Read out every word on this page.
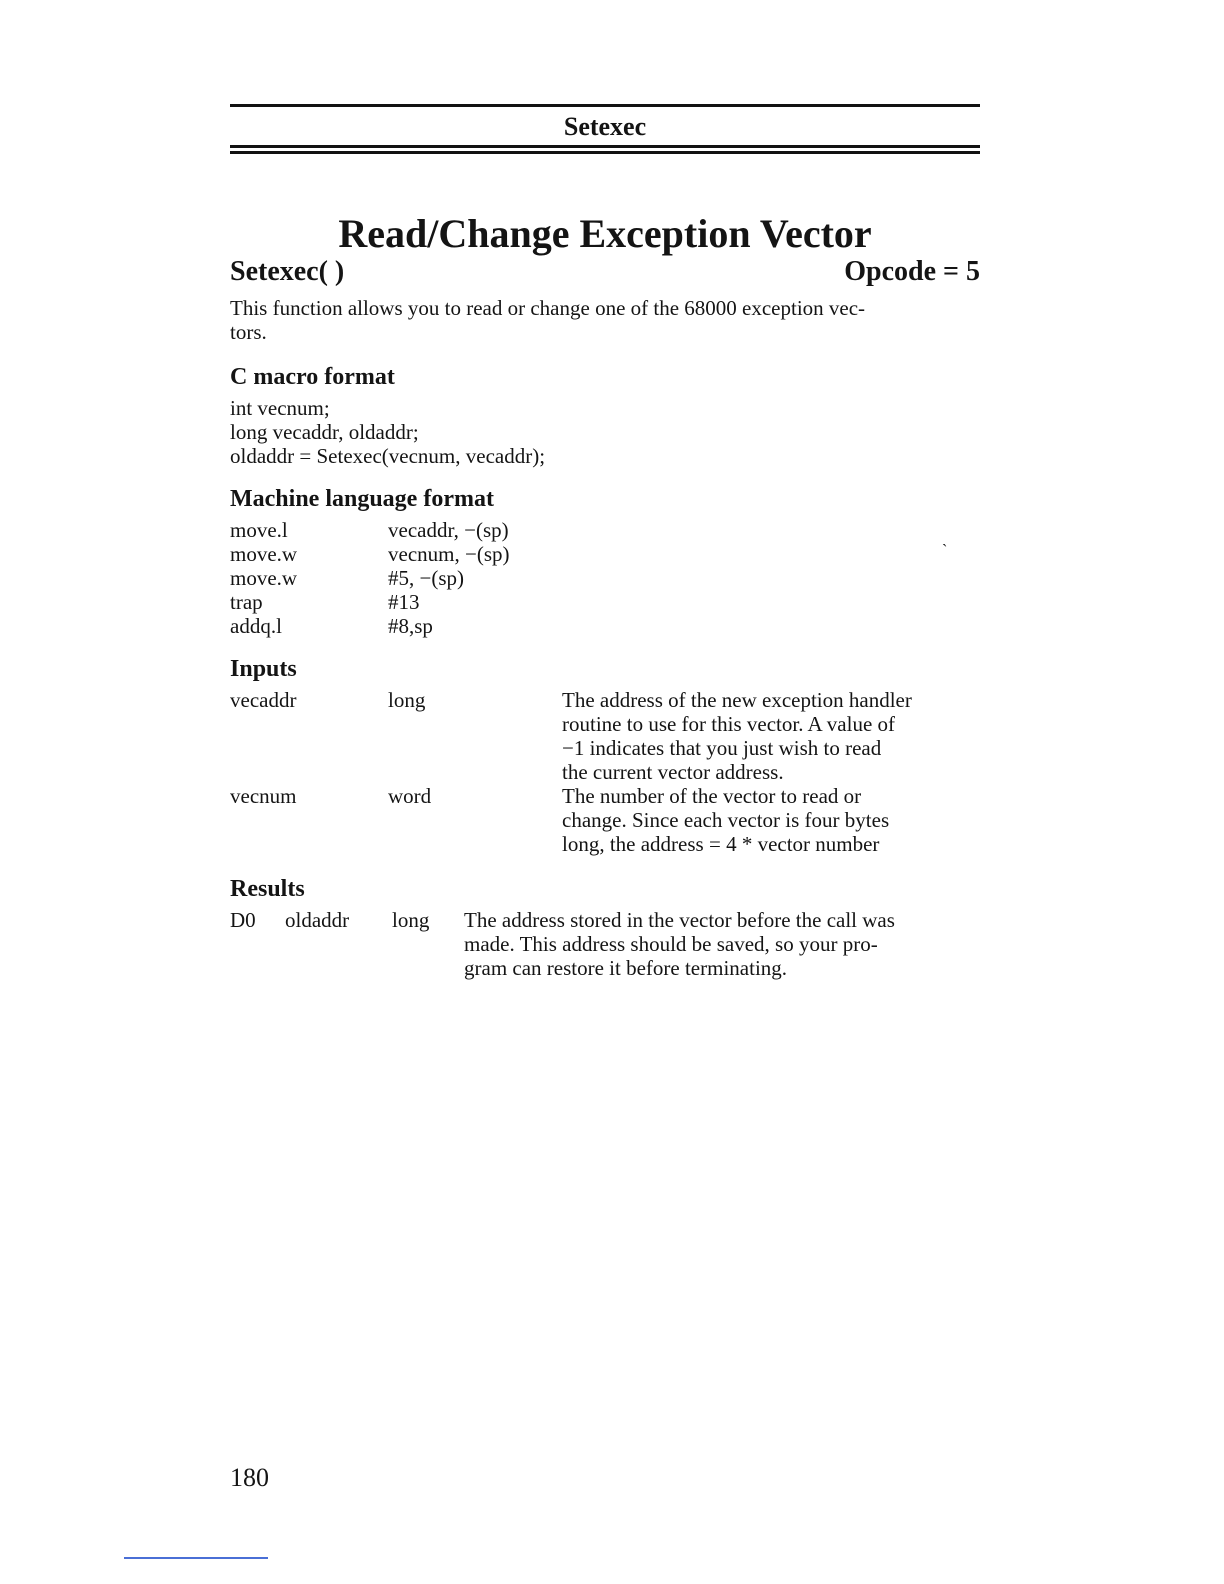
Setexec
Read/Change Exception Vector
Setexec( )	Opcode = 5
This function allows you to read or change one of the 68000 exception vec-
tors.
C macro format
int vecnum;
long vecaddr, oldaddr;
oldaddr = Setexec(vecnum, vecaddr);
Machine language format
move.l	vecaddr, −(sp)
move.w	vecnum, −(sp)
move.w	#5, −(sp)
trap	#13
addq.l	#8,sp
ˎ
Inputs
vecaddr	long	The address of the new exception handler
routine to use for this vector. A value of
−1 indicates that you just wish to read
the current vector address.
vecnum	word	The number of the vector to read or
change. Since each vector is four bytes
long, the address = 4 * vector number
Results
D0 oldaddr long The address stored in the vector before the call was
made. This address should be saved, so your pro-
gram can restore it before terminating.
180
